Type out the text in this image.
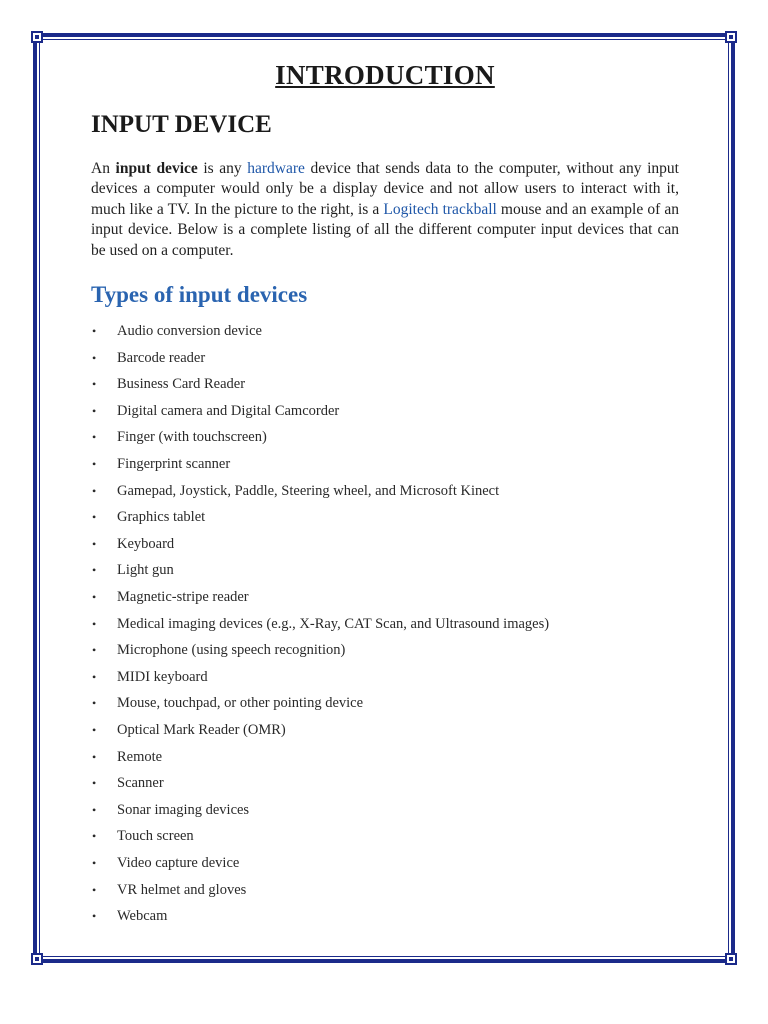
INTRODUCTION
INPUT DEVICE

An input device is any hardware device that sends data to the computer, without any input devices a computer would only be a display device and not allow users to interact with it, much like a TV. In the picture to the right, is a Logitech trackball mouse and an example of an input device. Below is a complete listing of all the different computer input devices that can be used on a computer.

Types of input devices
• Audio conversion device
• Barcode reader
• Business Card Reader
• Digital camera and Digital Camcorder
• Finger (with touchscreen)
• Fingerprint scanner
• Gamepad, Joystick, Paddle, Steering wheel, and Microsoft Kinect
• Graphics tablet
• Keyboard
• Light gun
• Magnetic-stripe reader
• Medical imaging devices (e.g., X-Ray, CAT Scan, and Ultrasound images)
• Microphone (using speech recognition)
• MIDI keyboard
• Mouse, touchpad, or other pointing device
• Optical Mark Reader (OMR)
• Remote
• Scanner
• Sonar imaging devices
• Touch screen
• Video capture device
• VR helmet and gloves
• Webcam
